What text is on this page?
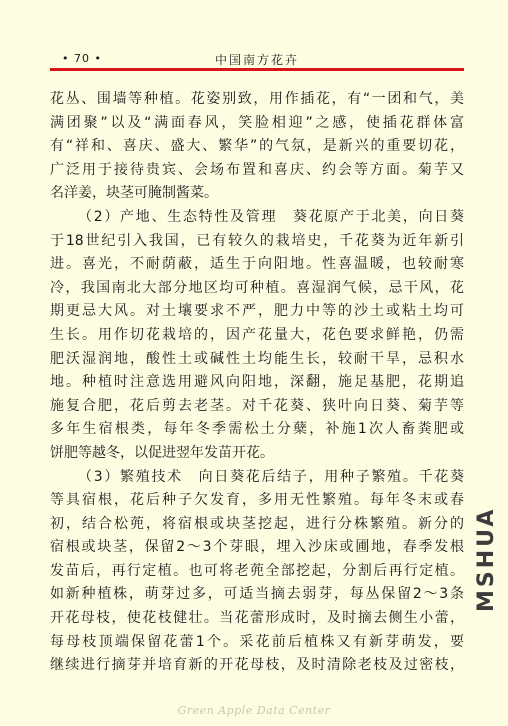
• 70 •	中国南方花卉
花丛、围墙等种植。花姿别致，用作插花，有“一团和气，美
满团聚”以及“满面春风，笑脸相迎”之感，使插花群体富
有“祥和、喜庆、盛大、繁华”的气氛，是新兴的重要切花，
广泛用于接待贵宾、会场布置和喜庆、约会等方面。菊芋又
名洋姜，块茎可腌制酱菜。
（2）产地、生态特性及管理　葵花原产于北美，向日葵
于18世纪引入我国，已有较久的栽培史，千花葵为近年新引
进。喜光，不耐荫蔽，适生于向阳地。性喜温暖，也较耐寒
冷，我国南北大部分地区均可种植。喜湿润气候，忌干风，花
期更忌大风。对土壤要求不严，肥力中等的沙土或粘土均可
生长。用作切花栽培的，因产花量大，花色要求鲜艳，仍需
肥沃湿润地，酸性土或碱性土均能生长，较耐干旱，忌积水
地。种植时注意选用避风向阳地，深翻，施足基肥，花期追
施复合肥，花后剪去老茎。对千花葵、狭叶向日葵、菊芋等
多年生宿根类，每年冬季需松土分蘖，补施1次人畜粪肥或
饼肥等越冬，以促进翌年发苗开花。
（3）繁殖技术　向日葵花后结子，用种子繁殖。千花葵
等具宿根，花后种子欠发育，多用无性繁殖。每年冬末或春
初，结合松蔸，将宿根或块茎挖起，进行分株繁殖。新分的
宿根或块茎，保留2～3个芽眼，埋入沙床或圃地，春季发根
发苗后，再行定植。也可将老蔸全部挖起，分割后再行定植。
如新种植株，萌芽过多，可适当摘去弱芽，每丛保留2～3条
开花母枝，使花枝健壮。当花蕾形成时，及时摘去侧生小蕾，
每母枝顶端保留花蕾1个。采花前后植株又有新芽萌发，要
继续进行摘芽并培育新的开花母枝，及时清除老枝及过密枝，
MSHUA
Green Apple Data Center
